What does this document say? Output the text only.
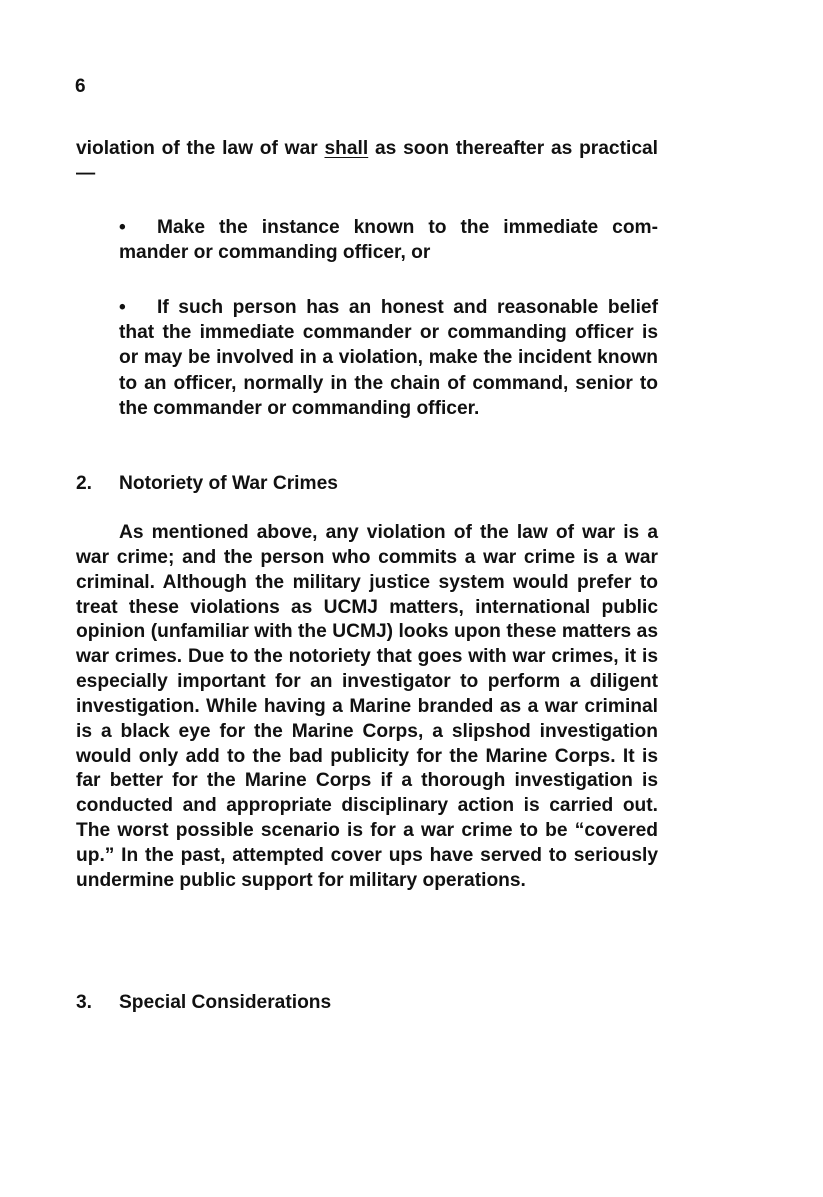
6
violation of the law of war shall as soon thereafter as practical—
• Make the instance known to the immediate commander or commanding officer, or
• If such person has an honest and reasonable belief that the immediate commander or commanding officer is or may be involved in a violation, make the incident known to an officer, normally in the chain of command, senior to the commander or commanding officer.
2. Notoriety of War Crimes
As mentioned above, any violation of the law of war is a war crime; and the person who commits a war crime is a war criminal. Although the military justice system would prefer to treat these violations as UCMJ matters, international public opinion (unfamiliar with the UCMJ) looks upon these matters as war crimes. Due to the notoriety that goes with war crimes, it is especially important for an investigator to perform a diligent investigation. While having a Marine branded as a war criminal is a black eye for the Marine Corps, a slipshod investigation would only add to the bad publicity for the Marine Corps. It is far better for the Marine Corps if a thorough investigation is conducted and appropriate disciplinary action is carried out. The worst possible scenario is for a war crime to be “covered up.” In the past, attempted cover ups have served to seriously undermine public support for military operations.
3. Special Considerations
